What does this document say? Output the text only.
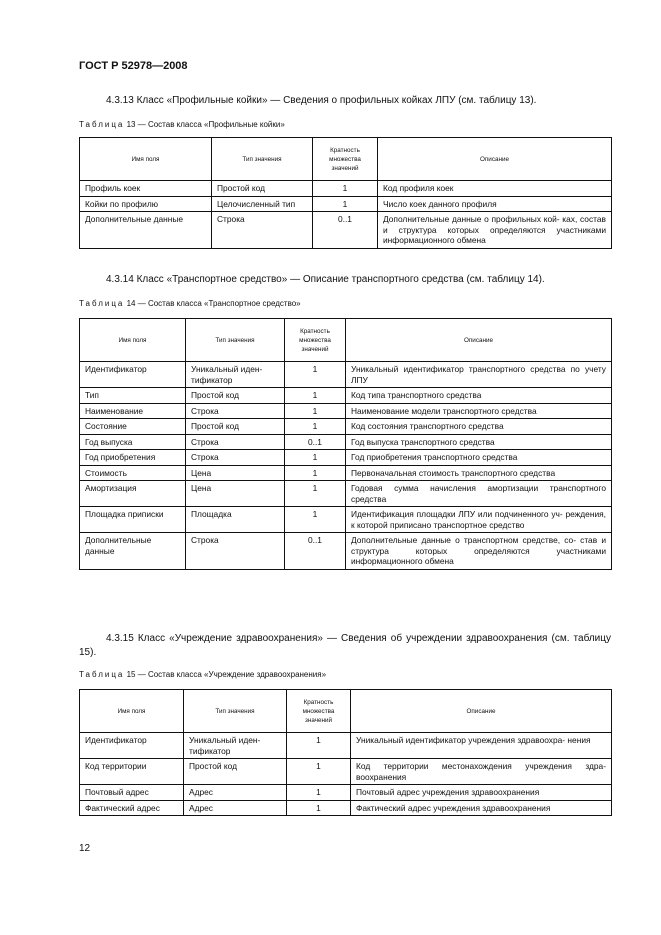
ГОСТ Р 52978—2008
4.3.13 Класс «Профильные койки» — Сведения о профильных койках ЛПУ (см. таблицу 13).
Таблица 13 — Состав класса «Профильные койки»
Имя поля	Тип значения	Кратность множества значений	Описание
Профиль коек	Простой код	1	Код профиля коек
Койки по профилю	Целочисленный тип	1	Число коек данного профиля
Дополнительные данные	Строка	0..1	Дополнительные данные о профильных кой- ках, состав и структура которых определяются участниками информационного обмена
4.3.14 Класс «Транспортное средство» — Описание транспортного средства (см. таблицу 14).
Таблица 14 — Состав класса «Транспортное средство»
Имя поля	Тип значения	Кратность множества значений	Описание
Идентификатор	Уникальный иден- тификатор	1	Уникальный идентификатор транспортного средства по учету ЛПУ
Тип	Простой код	1	Код типа транспортного средства
Наименование	Строка	1	Наименование модели транспортного средства
Состояние	Простой код	1	Код состояния транспортного средства
Год выпуска	Строка	0..1	Год выпуска транспортного средства
Год приобретения	Строка	1	Год приобретения транспортного средства
Стоимость	Цена	1	Первоначальная стоимость транспортного средства
Амортизация	Цена	1	Годовая сумма начисления амортизации транспортного средства
Площадка приписки	Площадка	1	Идентификация площадки ЛПУ или подчиненного уч- реждения, к которой приписано транспортное средство
Дополнительные данные	Строка	0..1	Дополнительные данные о транспортном средстве, со- став и структура которых определяются участниками информационного обмена
4.3.15 Класс «Учреждение здравоохранения» — Сведения об учреждении здравоохранения (см. таблицу 15).
Таблица 15 — Состав класса «Учреждение здравоохранения»
Имя поля	Тип значения	Кратность множества значений	Описание
Идентификатор	Уникальный иден- тификатор	1	Уникальный идентификатор учреждения здравоохра- нения
Код территории	Простой код	1	Код территории местонахождения учреждения здра- воохранения
Почтовый адрес	Адрес	1	Почтовый адрес учреждения здравоохранения
Фактический адрес	Адрес	1	Фактический адрес учреждения здравоохранения
12
